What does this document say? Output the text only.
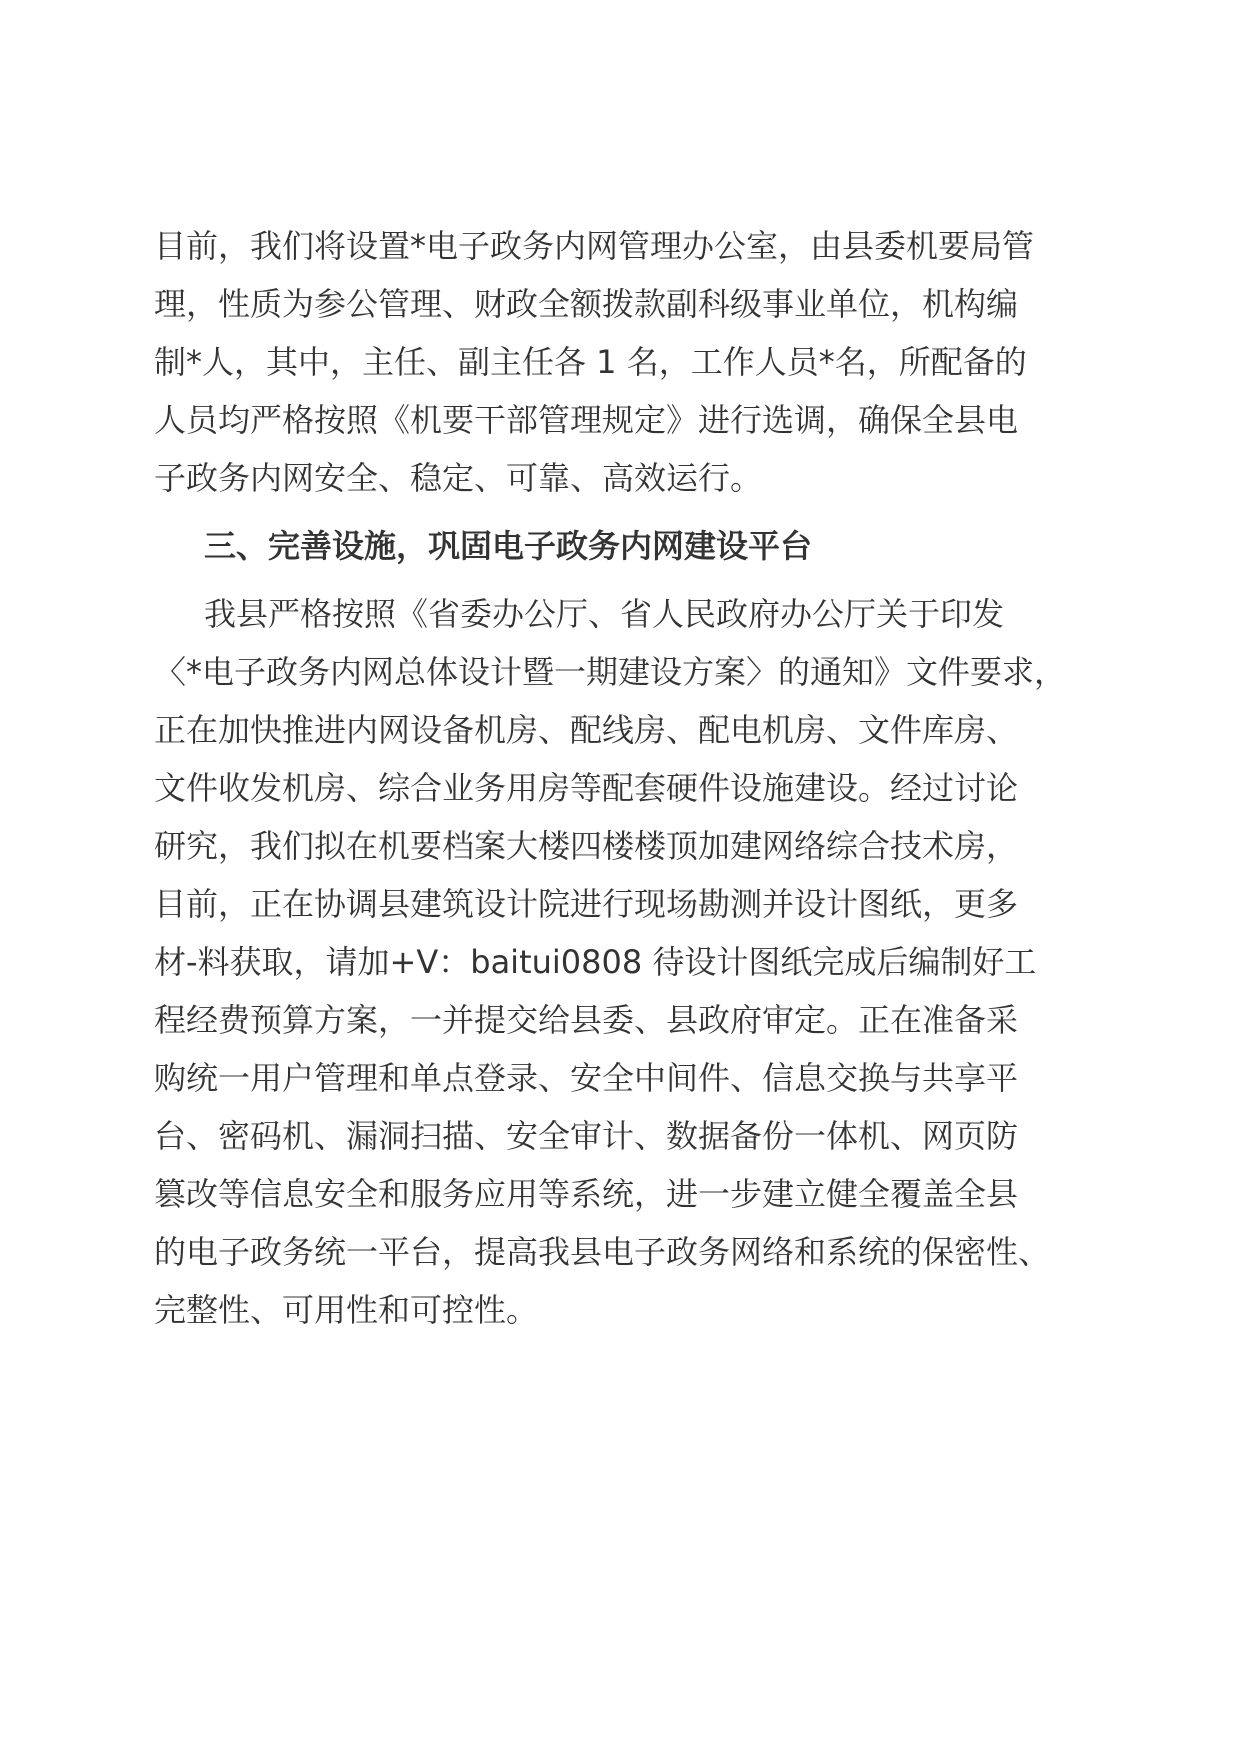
目前，我们将设置*电子政务内网管理办公室，由县委机要局管
理，性质为参公管理、财政全额拨款副科级事业单位，机构编
制*人，其中，主任、副主任各 1 名，工作人员*名，所配备的
人员均严格按照《机要干部管理规定》进行选调，确保全县电
子政务内网安全、稳定、可靠、高效运行。
三、完善设施，巩固电子政务内网建设平台
我县严格按照《省委办公厅、省人民政府办公厅关于印发
〈*电子政务内网总体设计暨一期建设方案〉的通知》文件要求，
正在加快推进内网设备机房、配线房、配电机房、文件库房、
文件收发机房、综合业务用房等配套硬件设施建设。经过讨论
研究，我们拟在机要档案大楼四楼楼顶加建网络综合技术房，
目前，正在协调县建筑设计院进行现场勘测并设计图纸，更多
材-料获取，请加+V：baitui0808 待设计图纸完成后编制好工
程经费预算方案，一并提交给县委、县政府审定。正在准备采
购统一用户管理和单点登录、安全中间件、信息交换与共享平
台、密码机、漏洞扫描、安全审计、数据备份一体机、网页防
篡改等信息安全和服务应用等系统，进一步建立健全覆盖全县
的电子政务统一平台，提高我县电子政务网络和系统的保密性、
完整性、可用性和可控性。
